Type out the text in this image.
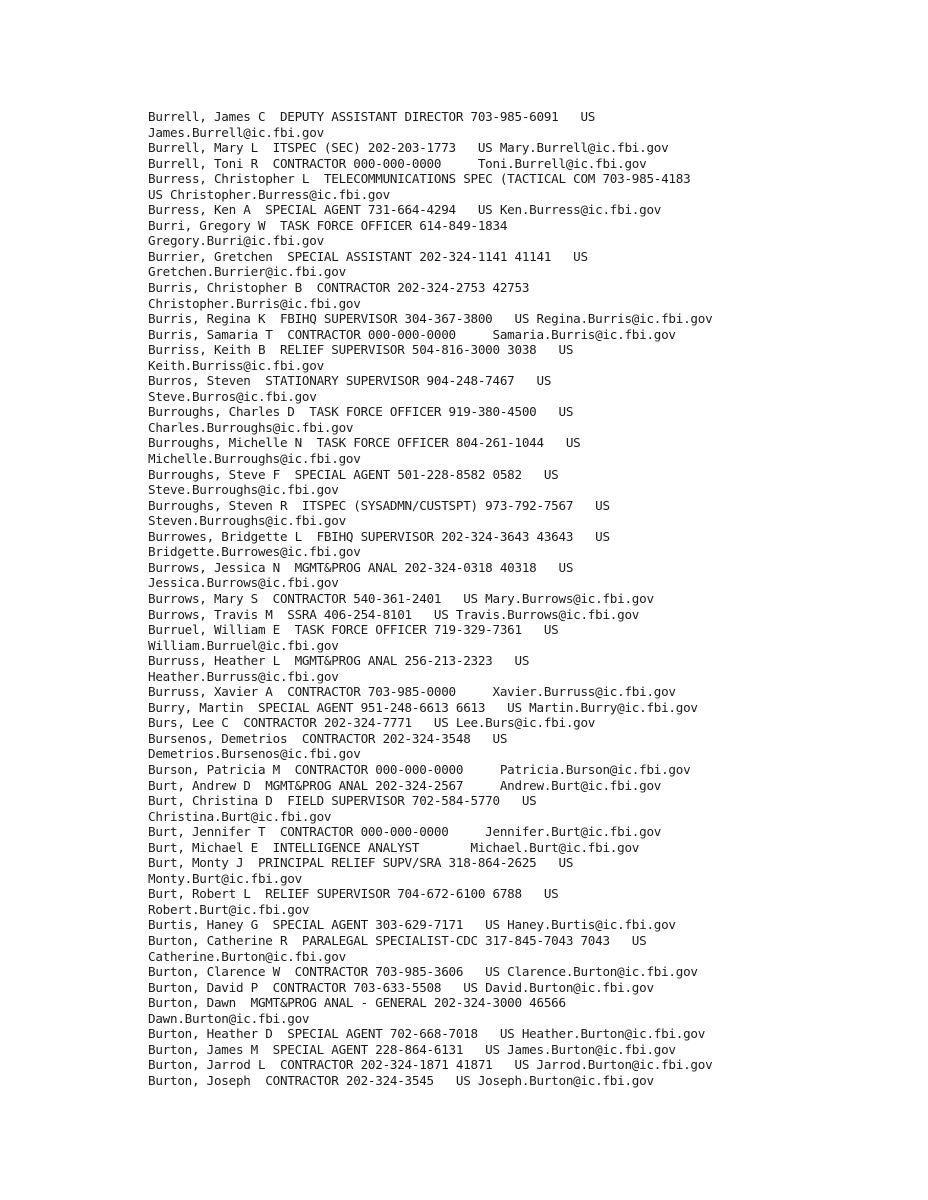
Burrell, James C  DEPUTY ASSISTANT DIRECTOR 703-985-6091   US
James.Burrell@ic.fbi.gov
Burrell, Mary L  ITSPEC (SEC) 202-203-1773   US Mary.Burrell@ic.fbi.gov
Burrell, Toni R  CONTRACTOR 000-000-0000     Toni.Burrell@ic.fbi.gov
Burress, Christopher L  TELECOMMUNICATIONS SPEC (TACTICAL COM 703-985-4183
US Christopher.Burress@ic.fbi.gov
Burress, Ken A  SPECIAL AGENT 731-664-4294   US Ken.Burress@ic.fbi.gov
Burri, Gregory W  TASK FORCE OFFICER 614-849-1834
Gregory.Burri@ic.fbi.gov
Burrier, Gretchen  SPECIAL ASSISTANT 202-324-1141 41141   US
Gretchen.Burrier@ic.fbi.gov
Burris, Christopher B  CONTRACTOR 202-324-2753 42753
Christopher.Burris@ic.fbi.gov
Burris, Regina K  FBIHQ SUPERVISOR 304-367-3800   US Regina.Burris@ic.fbi.gov
Burris, Samaria T  CONTRACTOR 000-000-0000     Samaria.Burris@ic.fbi.gov
Burriss, Keith B  RELIEF SUPERVISOR 504-816-3000 3038   US
Keith.Burriss@ic.fbi.gov
Burros, Steven  STATIONARY SUPERVISOR 904-248-7467   US
Steve.Burros@ic.fbi.gov
Burroughs, Charles D  TASK FORCE OFFICER 919-380-4500   US
Charles.Burroughs@ic.fbi.gov
Burroughs, Michelle N  TASK FORCE OFFICER 804-261-1044   US
Michelle.Burroughs@ic.fbi.gov
Burroughs, Steve F  SPECIAL AGENT 501-228-8582 0582   US
Steve.Burroughs@ic.fbi.gov
Burroughs, Steven R  ITSPEC (SYSADMN/CUSTSPT) 973-792-7567   US
Steven.Burroughs@ic.fbi.gov
Burrowes, Bridgette L  FBIHQ SUPERVISOR 202-324-3643 43643   US
Bridgette.Burrowes@ic.fbi.gov
Burrows, Jessica N  MGMT&PROG ANAL 202-324-0318 40318   US
Jessica.Burrows@ic.fbi.gov
Burrows, Mary S  CONTRACTOR 540-361-2401   US Mary.Burrows@ic.fbi.gov
Burrows, Travis M  SSRA 406-254-8101   US Travis.Burrows@ic.fbi.gov
Burruel, William E  TASK FORCE OFFICER 719-329-7361   US
William.Burruel@ic.fbi.gov
Burruss, Heather L  MGMT&PROG ANAL 256-213-2323   US
Heather.Burruss@ic.fbi.gov
Burruss, Xavier A  CONTRACTOR 703-985-0000     Xavier.Burruss@ic.fbi.gov
Burry, Martin  SPECIAL AGENT 951-248-6613 6613   US Martin.Burry@ic.fbi.gov
Burs, Lee C  CONTRACTOR 202-324-7771   US Lee.Burs@ic.fbi.gov
Bursenos, Demetrios  CONTRACTOR 202-324-3548   US
Demetrios.Bursenos@ic.fbi.gov
Burson, Patricia M  CONTRACTOR 000-000-0000     Patricia.Burson@ic.fbi.gov
Burt, Andrew D  MGMT&PROG ANAL 202-324-2567     Andrew.Burt@ic.fbi.gov
Burt, Christina D  FIELD SUPERVISOR 702-584-5770   US
Christina.Burt@ic.fbi.gov
Burt, Jennifer T  CONTRACTOR 000-000-0000     Jennifer.Burt@ic.fbi.gov
Burt, Michael E  INTELLIGENCE ANALYST       Michael.Burt@ic.fbi.gov
Burt, Monty J  PRINCIPAL RELIEF SUPV/SRA 318-864-2625   US
Monty.Burt@ic.fbi.gov
Burt, Robert L  RELIEF SUPERVISOR 704-672-6100 6788   US
Robert.Burt@ic.fbi.gov
Burtis, Haney G  SPECIAL AGENT 303-629-7171   US Haney.Burtis@ic.fbi.gov
Burton, Catherine R  PARALEGAL SPECIALIST-CDC 317-845-7043 7043   US
Catherine.Burton@ic.fbi.gov
Burton, Clarence W  CONTRACTOR 703-985-3606   US Clarence.Burton@ic.fbi.gov
Burton, David P  CONTRACTOR 703-633-5508   US David.Burton@ic.fbi.gov
Burton, Dawn  MGMT&PROG ANAL - GENERAL 202-324-3000 46566
Dawn.Burton@ic.fbi.gov
Burton, Heather D  SPECIAL AGENT 702-668-7018   US Heather.Burton@ic.fbi.gov
Burton, James M  SPECIAL AGENT 228-864-6131   US James.Burton@ic.fbi.gov
Burton, Jarrod L  CONTRACTOR 202-324-1871 41871   US Jarrod.Burton@ic.fbi.gov
Burton, Joseph  CONTRACTOR 202-324-3545   US Joseph.Burton@ic.fbi.gov
